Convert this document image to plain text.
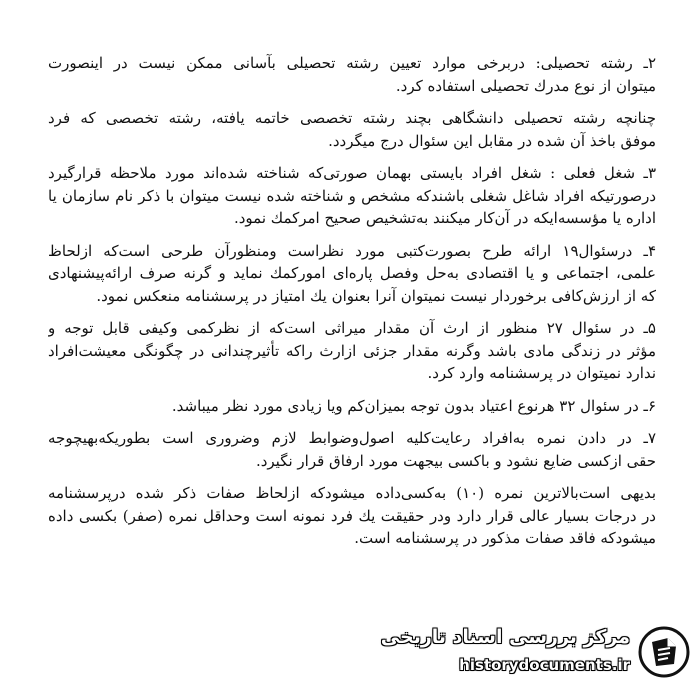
۲ـ رشته تحصیلی: دربرخی موارد تعیین رشته تحصیلی بآسانی ممکن نیست در اینصورت
میتوان از نوع مدرك تحصیلی استفاده کرد.
چنانچه رشته تحصیلی دانشگاهی بچند رشته تخصصی خاتمه یافته، رشته تخصصی که فرد
موفق باخذ آن شده در مقابل این سئوال درج میگردد.
۳ـ شغل فعلی : شغل افراد بایستی بهمان صورتی‌که شناخته شده‌اند مورد ملاحظه قرارگیرد
درصورتیکه افراد شاغل شغلی باشندکه مشخص و شناخته شده نیست میتوان با ذکر نام سازمان یا
اداره یا مؤسسه‌ایکه در آن‌کار میکنند به‌تشخیص صحیح امرکمك نمود.
۴ـ درسئوال۱۹ ارائه طرح بصورت‌کتبی مورد نظراست ومنظورآن طرحی است‌که ازلحاظ
علمی، اجتماعی و یا اقتصادی به‌حل وفصل پاره‌ای امورکمك نماید و گرنه صرف ارائه‌پیشنهادی
که از ارزش‌کافی برخوردار نیست نمیتوان آنرا بعنوان یك امتیاز در پرسشنامه منعکس نمود.
۵ـ در سئوال ۲۷ منظور از ارث آن مقدار میراثی است‌که از نظرکمی وکیفی قابل توجه و
مؤثر در زندگی مادی باشد وگرنه مقدار جزئی ازارث راکه تأثیرچندانی در چگونگی معیشت‌افراد
ندارد نمیتوان در پرسشنامه وارد کرد.
۶ـ در سئوال ۳۲ هرنوع اعتیاد بدون توجه بمیزان‌کم ویا زیادی مورد نظر میباشد.
۷ـ در دادن نمره به‌افراد رعایت‌کلیه اصول‌وضوابط لازم وضروری است بطوریکه‌بهیچوجه
حقی ازکسی ضایع نشود و باکسی بیجهت مورد ارفاق قرار نگیرد.
بدیهی است‌بالاترین نمره (۱۰) به‌کسی‌داده میشودکه ازلحاظ صفات ذکر شده درپرسشنامه
در درجات بسیار عالی قرار دارد ودر حقیقت یك فرد نمونه است وحداقل نمره (صفر) بکسی داده
میشودکه فاقد صفات مذکور در پرسشنامه است.
مرکز بررسی اسناد تاریخی
historydocuments.ir
